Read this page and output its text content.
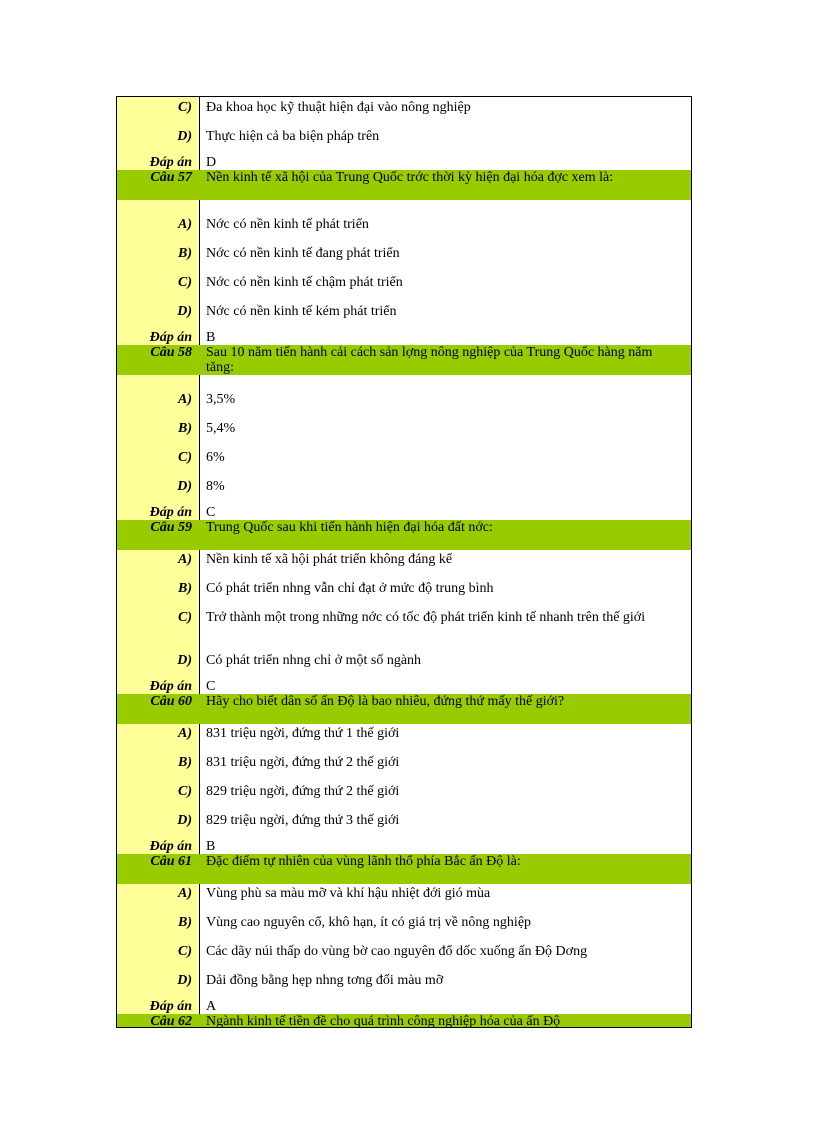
C) Đa khoa học kỹ thuật hiện đại vào nông nghiệp
D) Thực hiện cả ba biện pháp trên
Đáp án D
Câu 57 Nền kinh tế xã hội của Trung Quốc trớc thời kỳ hiện đại hóa đợc xem là:
A) Nớc có nền kinh tế phát triển
B) Nớc có nền kinh tế đang phát triển
C) Nớc có nền kinh tế chậm phát triển
D) Nớc có nền kinh tế kém phát triển
Đáp án B
Câu 58 Sau 10 năm tiến hành cải cách sản lợng nông nghiệp của Trung Quốc hàng năm tăng:
A) 3,5%
B) 5,4%
C) 6%
D) 8%
Đáp án C
Câu 59 Trung Quốc sau khi tiến hành hiện đại hóa đất nớc:
A) Nền kinh tế xã hội phát triển không đáng kể
B) Có phát triển nhng vẫn chỉ đạt ở mức độ trung bình
C) Trở thành một trong những nớc có tốc độ phát triển kinh tế nhanh trên thế giới
D) Có phát triển nhng chỉ ở một số ngành
Đáp án C
Câu 60 Hãy cho biết dân số ấn Độ là bao nhiêu, đứng thứ mấy thế giới?
A) 831 triệu ngời, đứng thứ 1 thế giới
B) 831 triệu ngời, đứng thứ 2 thế giới
C) 829 triệu ngời, đứng thứ 2 thế giới
D) 829 triệu ngời, đứng thứ 3 thế giới
Đáp án B
Câu 61 Đặc điểm tự nhiên của vùng lãnh thổ phía Bắc ấn Độ là:
A) Vùng phù sa màu mỡ và khí hậu nhiệt đới gió mùa
B) Vùng cao nguyên cổ, khô hạn, ít có giá trị về nông nghiệp
C) Các dãy núi thấp do vùng bờ cao nguyên đổ dốc xuống ấn Độ Dơng
D) Dải đồng bằng hẹp nhng tơng đối màu mỡ
Đáp án A
Câu 62 Ngành kinh tế tiền đề cho quá trình công nghiệp hóa của ấn Độ
